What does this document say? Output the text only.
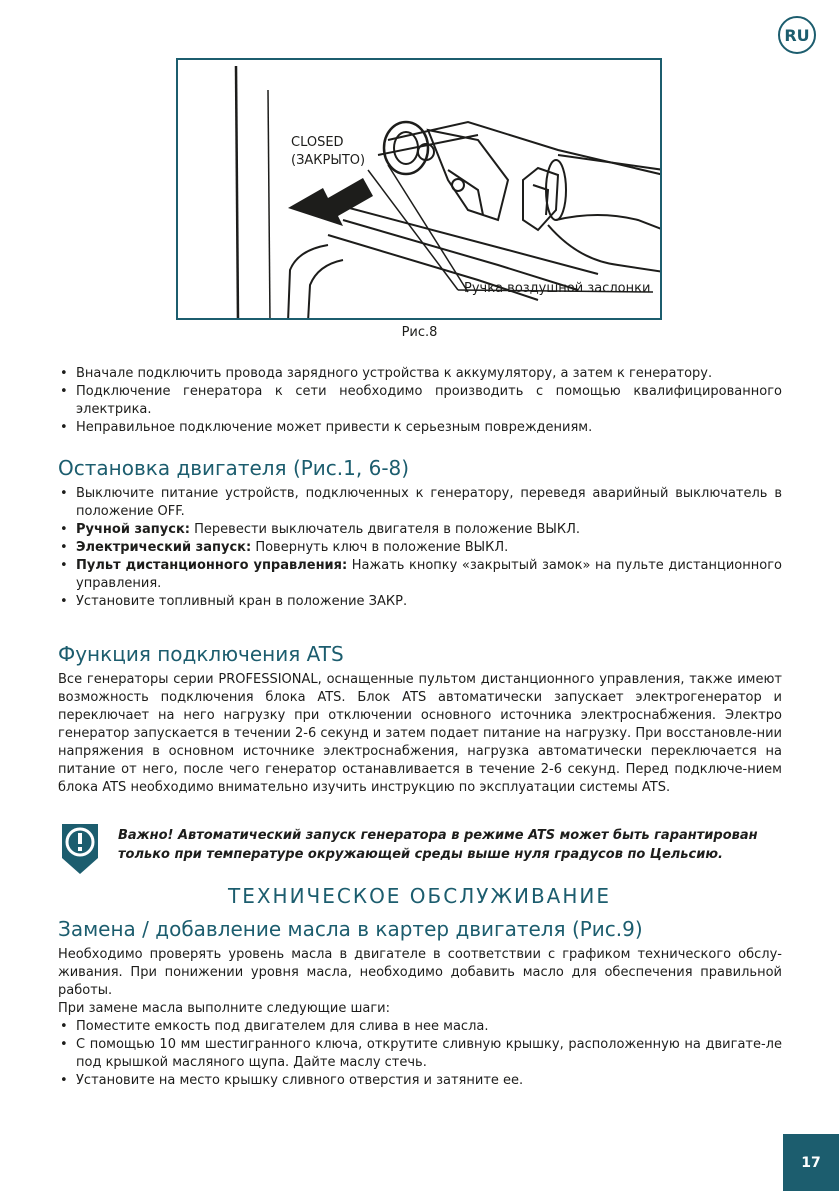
RU
CLOSED
(ЗАКРЫТО)
Ручка воздушной заслонки
Рис.8
• Вначале подключить провода зарядного устройства к аккумулятору, а затем к генератору.
• Подключение генератора к сети необходимо производить с помощью квалифицированного электрика.
• Неправильное подключение может привести к серьезным повреждениям.
Остановка двигателя (Рис.1, 6-8)
• Выключите питание устройств, подключенных к генератору, переведя аварийный выключатель в положение OFF.
• Ручной запуск: Перевести выключатель двигателя в положение ВЫКЛ.
• Электрический запуск: Повернуть ключ в положение ВЫКЛ.
• Пульт дистанционного управления: Нажать кнопку «закрытый замок» на пульте дистанционного управления.
• Установите топливный кран в положение ЗАКР.
Функция подключения ATS

Все генераторы серии PROFESSIONAL, оснащенные пультом дистанционного управления, также имеют возможность подключения блока ATS. Блок ATS автоматически запускает электрогенератор и переключает на него нагрузку при отключении основного источника электроснабжения. Электро генератор запускается в течении 2-6 секунд и затем подает питание на нагрузку. При восстановле-нии напряжения в основном источнике электроснабжения, нагрузка автоматически переключается на питание от него, после чего генератор останавливается в течение 2-6 секунд. Перед подключе-нием блока ATS необходимо внимательно изучить инструкцию по эксплуатации системы ATS.

Важно! Автоматический запуск генератора в режиме ATS может быть гарантирован только при температуре окружающей среды выше нуля градусов по Цельсию.
ТЕХНИЧЕСКОЕ ОБСЛУЖИВАНИЕ
Замена / добавление масла в картер двигателя (Рис.9)

Необходимо проверять уровень масла в двигателе в соответствии с графиком технического обслу-живания. При понижении уровня масла, необходимо добавить масло для обеспечения правильной работы.

При замене масла выполните следующие шаги:

• Поместите емкость под двигателем для слива в нее масла.
• С помощью 10 мм шестигранного ключа, открутите сливную крышку, расположенную на двигате-ле под крышкой масляного щупа. Дайте маслу стечь.
• Установите на место крышку сливного отверстия и затяните ее.
17
